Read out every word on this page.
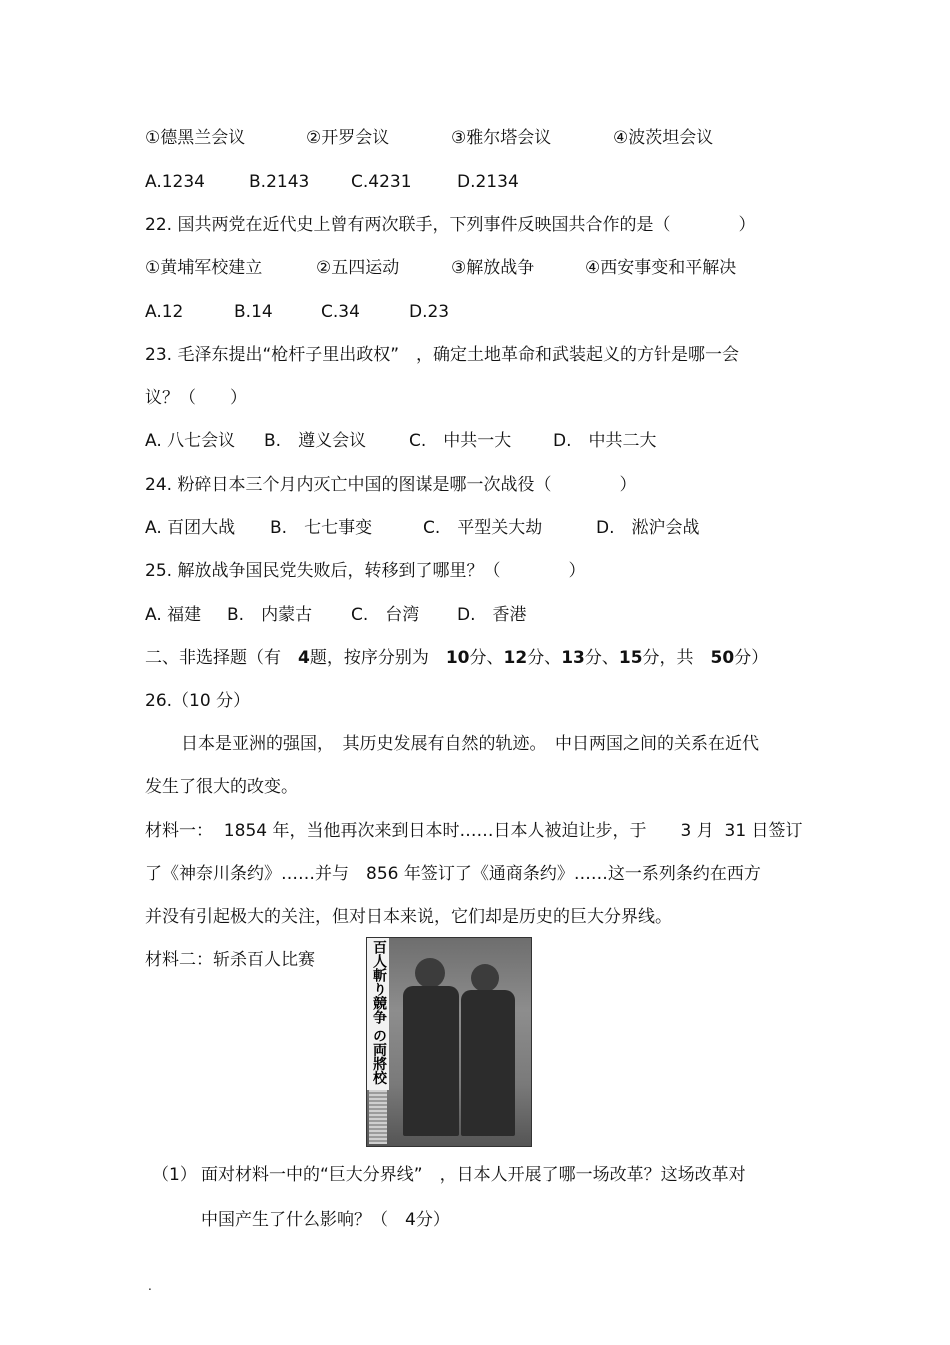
①德黑兰会议	②开罗会议	③雅尔塔会议	④波茨坦会议
A.1234	B.2143 C.4231	D.2134
22. 国共两党在近代史上曾有两次联手，下列事件反映国共合作的是（　　　　）
①黄埔军校建立	②五四运动	③解放战争	④西安事变和平解决
A.12	B.14	C.34	D.23
23. 毛泽东提出“枪杆子里出政权”　，确定土地革命和武装起义的方针是哪一会
议？（　　）
A. 八七会议 B.　遵义会议	C.　中共一大 D.　中共二大
24. 粉碎日本三个月内灭亡中国的图谋是哪一次战役（　　　　）
A. 百团大战 B.　七七事变	C.　平型关大劫	D.　淞沪会战
25. 解放战争国民党失败后，转移到了哪里？（　　　　）
A. 福建 B.　内蒙古 C.　台湾 D.　香港
二、非选择题（有　4题，按序分别为　10分、12分、13分、15分，共　50分）
26.（10 分）
日本是亚洲的强国，　其历史发展有自然的轨迹。　中日两国之间的关系在近代
发生了很大的改变。
材料一：  1854 年，当他再次来到日本时……日本人被迫让步，于　　3 月  31 日签订
了《神奈川条约》……并与　856 年签订了《通商条约》……这一系列条约在西方
并没有引起极大的关注，但对日本来说，它们却是历史的巨大分界线。
材料二：斩杀百人比赛	百人斬り競争 の両將校
（1） 面对材料一中的“巨大分界线”　，日本人开展了哪一场改革？这场改革对
中国产生了什么影响？（　4分）
.
